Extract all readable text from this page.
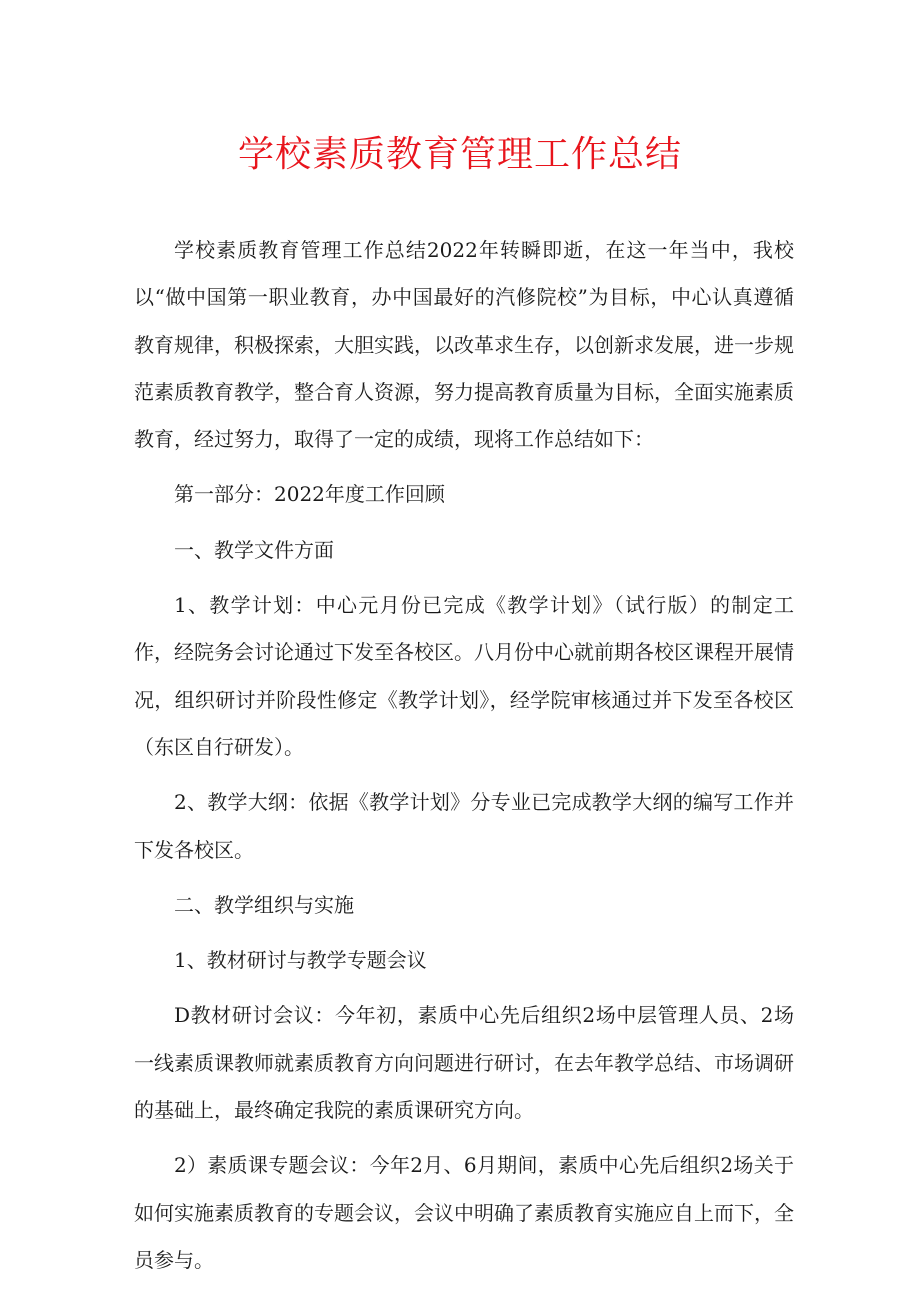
学校素质教育管理工作总结

学校素质教育管理工作总结2022年转瞬即逝，在这一年当中，我校以“做中国第一职业教育，办中国最好的汽修院校”为目标，中心认真遵循教育规律，积极探索，大胆实践，以改革求生存，以创新求发展，进一步规范素质教育教学，整合育人资源，努力提高教育质量为目标，全面实施素质教育，经过努力，取得了一定的成绩，现将工作总结如下：

第一部分：2022年度工作回顾

一、教学文件方面

1、教学计划：中心元月份已完成《教学计划》（试行版）的制定工作，经院务会讨论通过下发至各校区。八月份中心就前期各校区课程开展情况，组织研讨并阶段性修定《教学计划》，经学院审核通过并下发至各校区（东区自行研发）。

2、教学大纲：依据《教学计划》分专业已完成教学大纲的编写工作并下发各校区。

二、教学组织与实施

1、教材研讨与教学专题会议

D教材研讨会议：今年初，素质中心先后组织2场中层管理人员、2场一线素质课教师就素质教育方向问题进行研讨，在去年教学总结、市场调研的基础上，最终确定我院的素质课研究方向。

2）素质课专题会议：今年2月、6月期间，素质中心先后组织2场关于如何实施素质教育的专题会议，会议中明确了素质教育实施应自上而下，全员参与。
